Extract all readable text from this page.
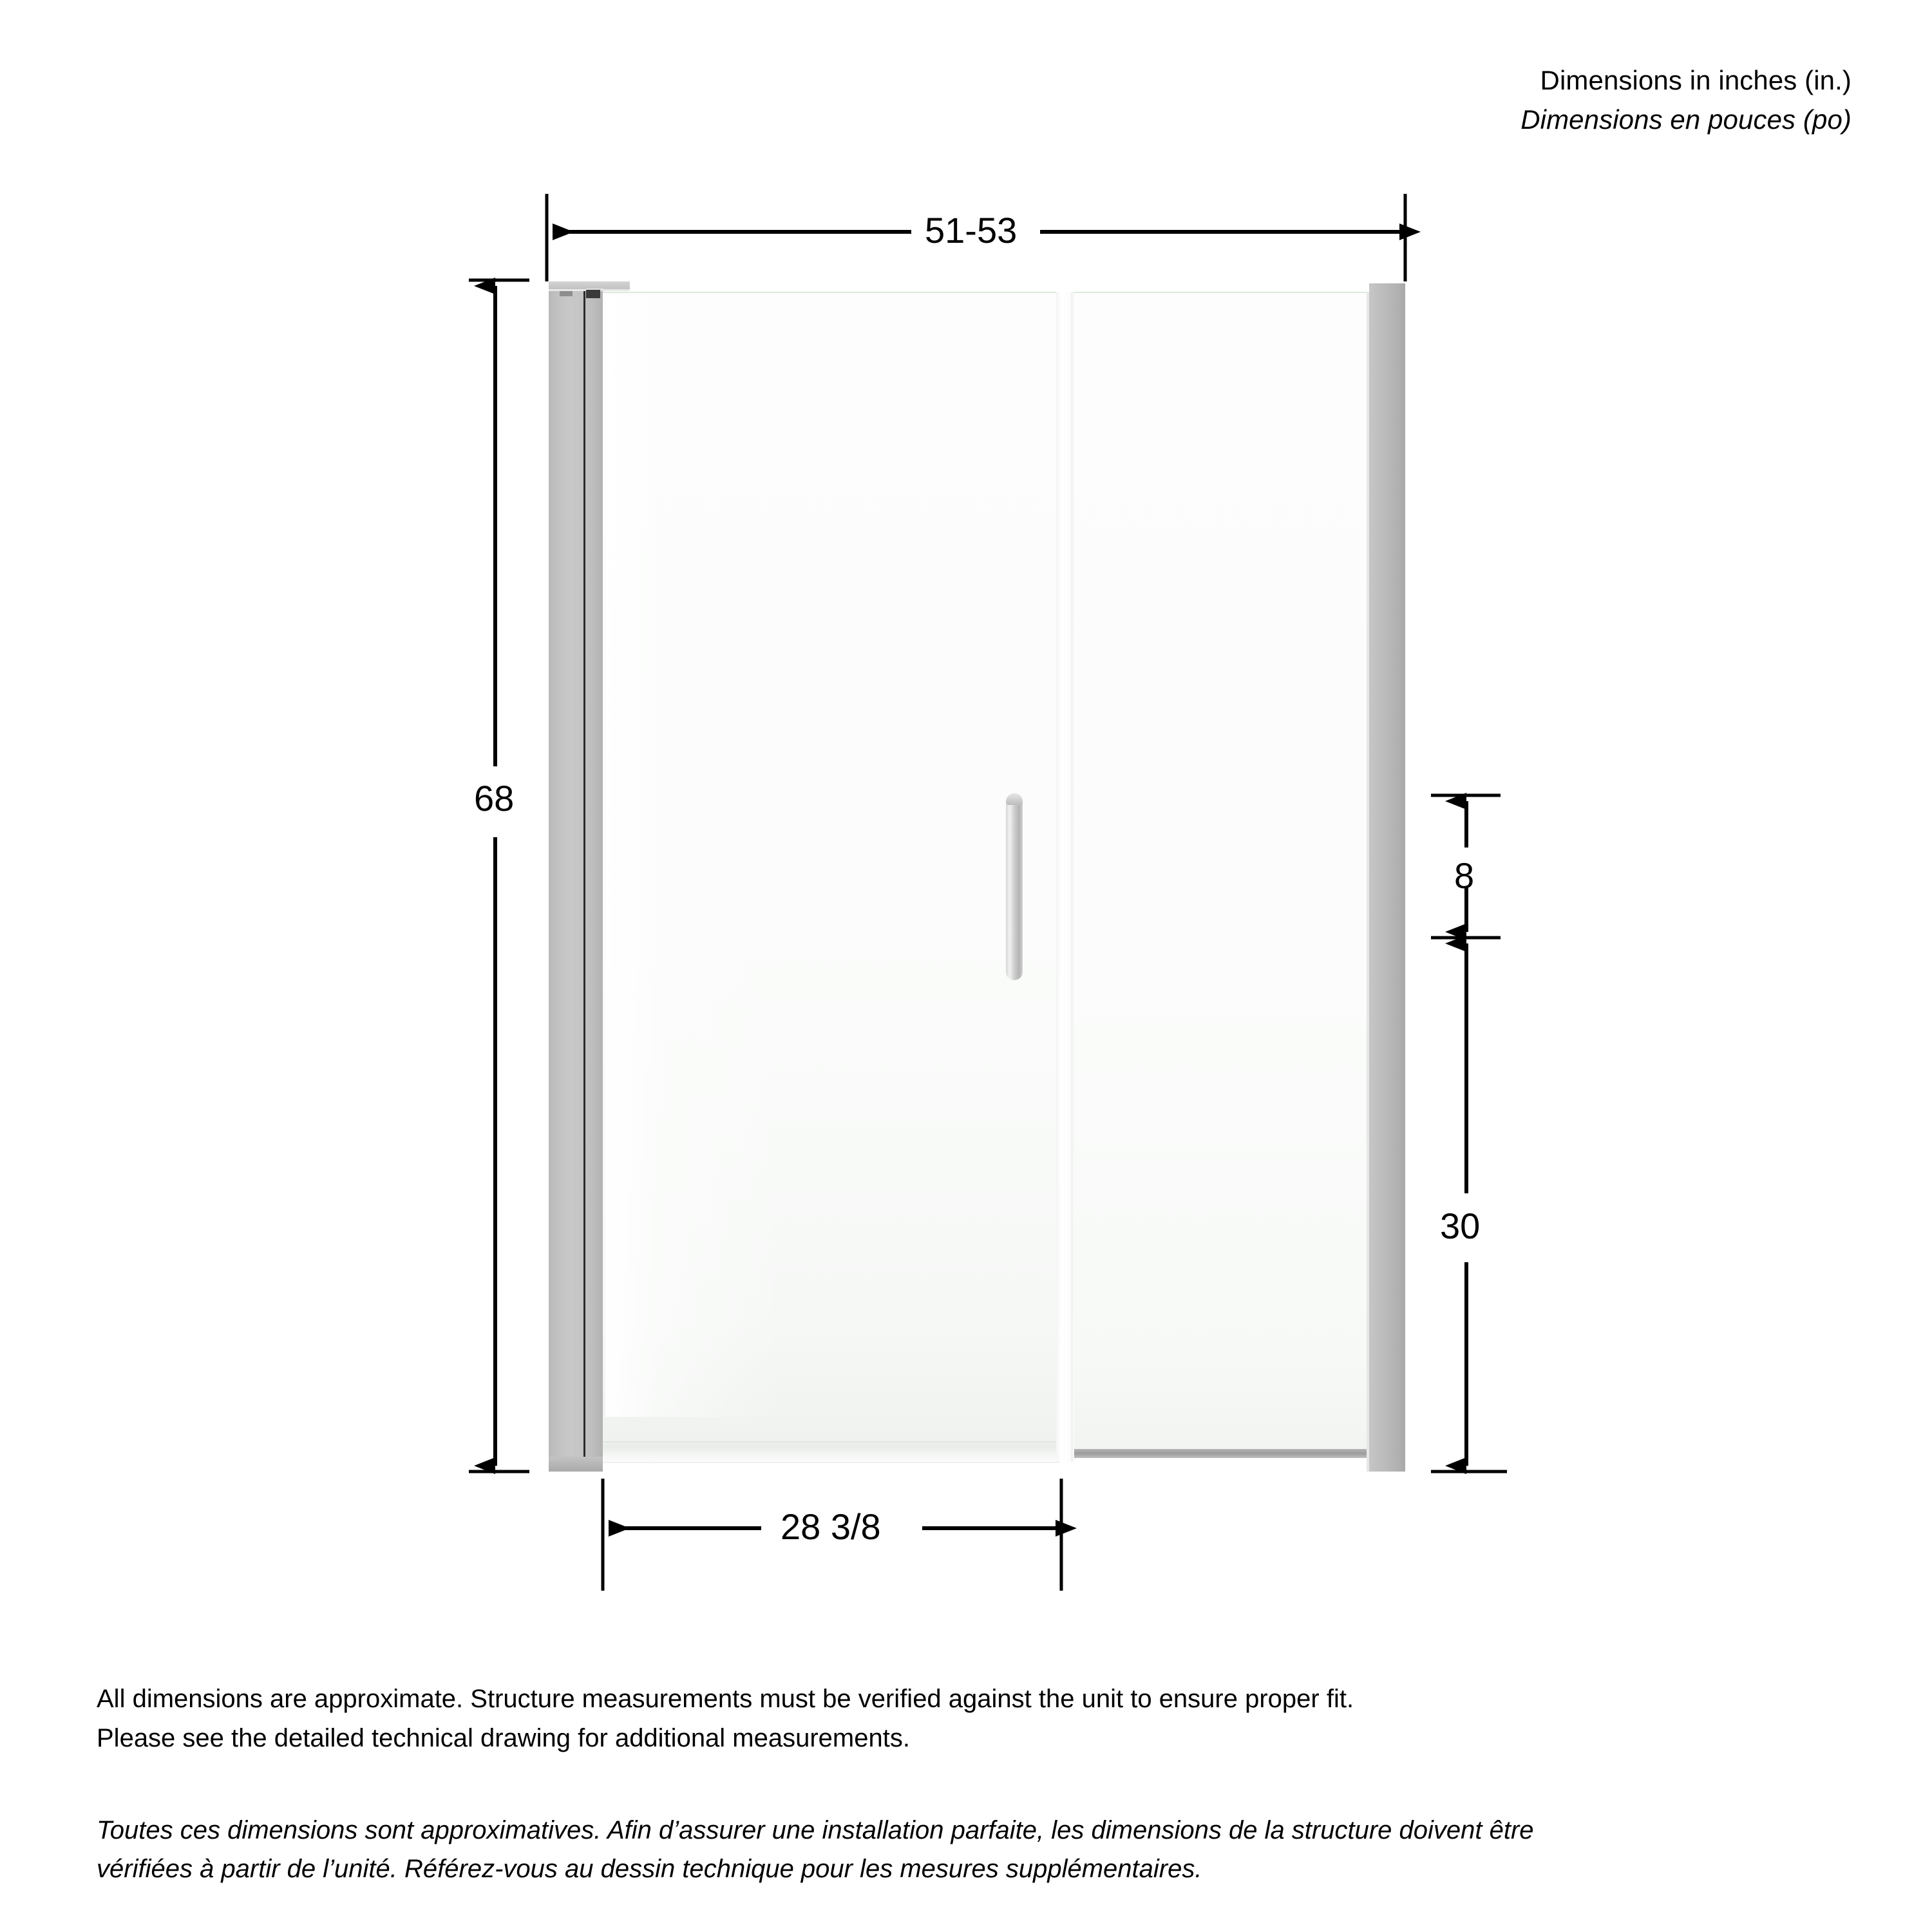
Dimensions in inches (in.)
Dimensions en pouces (po)
51-53
68
8
30
28 3/8

All dimensions are approximate. Structure measurements must be verified against the unit to ensure proper fit.

Please see the detailed technical drawing for additional measurements.

Toutes ces dimensions sont approximatives. Afin d’assurer une installation parfaite, les dimensions de la structure doivent être

vérifiées à partir de l’unité. Référez-vous au dessin technique pour les mesures supplémentaires.
